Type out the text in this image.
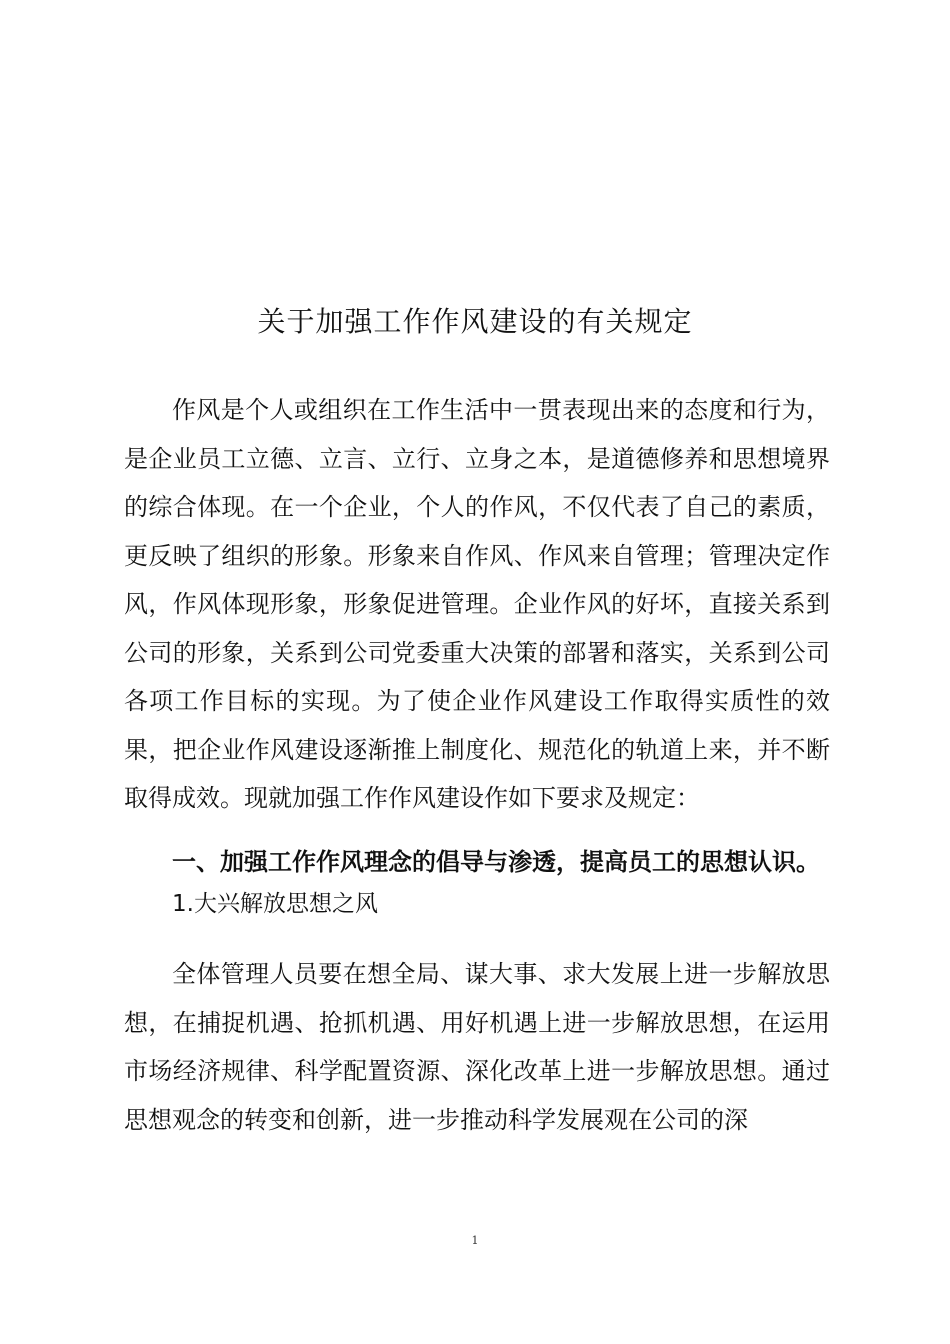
关于加强工作作风建设的有关规定

作风是个人或组织在工作生活中一贯表现出来的态度和行为，是企业员工立德、立言、立行、立身之本，是道德修养和思想境界的综合体现。在一个企业，个人的作风，不仅代表了自己的素质，更反映了组织的形象。形象来自作风、作风来自管理；管理决定作风，作风体现形象，形象促进管理。企业作风的好坏，直接关系到公司的形象，关系到公司党委重大决策的部署和落实，关系到公司各项工作目标的实现。为了使企业作风建设工作取得实质性的效果，把企业作风建设逐渐推上制度化、规范化的轨道上来，并不断取得成效。现就加强工作作风建设作如下要求及规定：

一、加强工作作风理念的倡导与渗透，提高员工的思想认识。

1.大兴解放思想之风

全体管理人员要在想全局、谋大事、求大发展上进一步解放思想，在捕捉机遇、抢抓机遇、用好机遇上进一步解放思想，在运用市场经济规律、科学配置资源、深化改革上进一步解放思想。通过思想观念的转变和创新，进一步推动科学发展观在公司的深

1
